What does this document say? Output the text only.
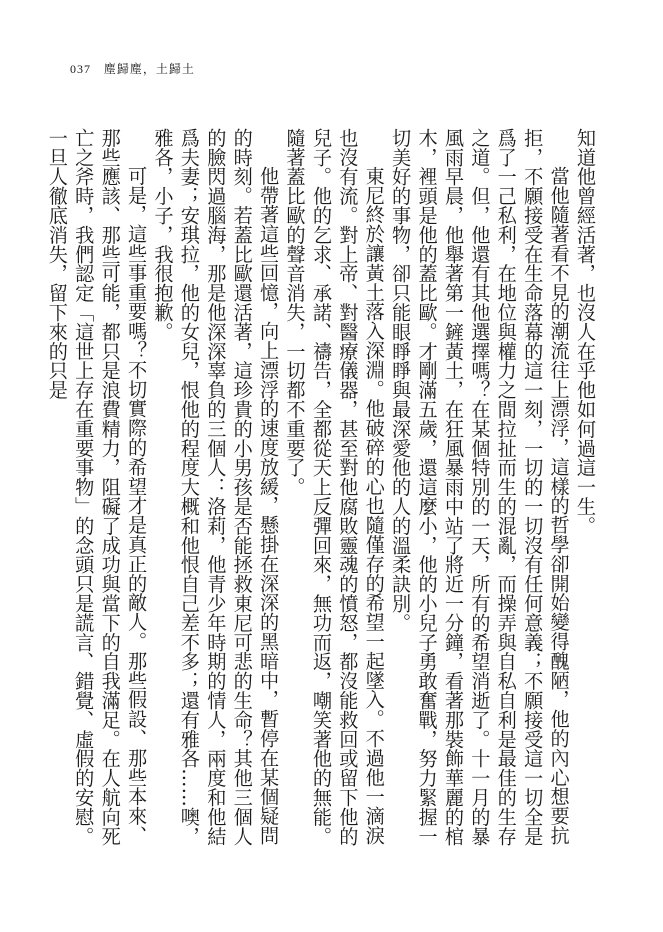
037 塵歸塵，土歸土

知道他曾經活著，也沒人在乎他如何過這一生。

當他隨著看不見的潮流往上漂浮，這樣的哲學卻開始變得醜陋，他的內心想要抗拒，不願接受在生命落幕的這一刻，一切的一切沒有任何意義；不願接受這一切全是爲了一己私利，在地位與權力之間拉扯而生的混亂，而操弄與自私自利是最佳的生存之道。但，他還有其他選擇嗎？在某個特別的一天，所有的希望消逝了。十一月的暴風雨早晨，他舉著第一鏟黃土，在狂風暴雨中站了將近一分鐘，看著那裝飾華麗的棺木，裡頭是他的蓋比歐。才剛滿五歲，還這麼小，他的小兒子勇敢奮戰，努力緊握一切美好的事物，卻只能眼睜睜與最深愛他的人的溫柔訣別。

東尼終於讓黃土落入深淵。他破碎的心也隨僅存的希望一起墜入。不過他一滴淚也沒有流。對上帝、對醫療儀器，甚至對他腐敗靈魂的憤怒，都沒能救回或留下他的兒子。他的乞求、承諾、禱告，全都從天上反彈回來，無功而返，嘲笑著他的無能。隨著蓋比歐的聲音消失，一切都不重要了。

他帶著這些回憶，向上漂浮的速度放緩，懸掛在深深的黑暗中，暫停在某個疑問的時刻。若蓋比歐還活著，這珍貴的小男孩是否能拯救東尼可悲的生命？其他三個人的臉閃過腦海，那是他深深辜負的三個人：洛莉，他青少年時期的情人，兩度和他結爲夫妻；安琪拉，他的女兒，恨他的程度大概和他恨自己差不多；還有雅各……噢，雅各，小子，我很抱歉。

可是，這些事重要嗎？不切實際的希望才是真正的敵人。那些假設、那些本來、那些應該、那些可能，都只是浪費精力，阻礙了成功與當下的自我滿足。在人航向死亡之斧時，我們認定「這世上存在重要事物」的念頭只是謊言、錯覺、虛假的安慰。一旦人徹底消失，留下來的只是
